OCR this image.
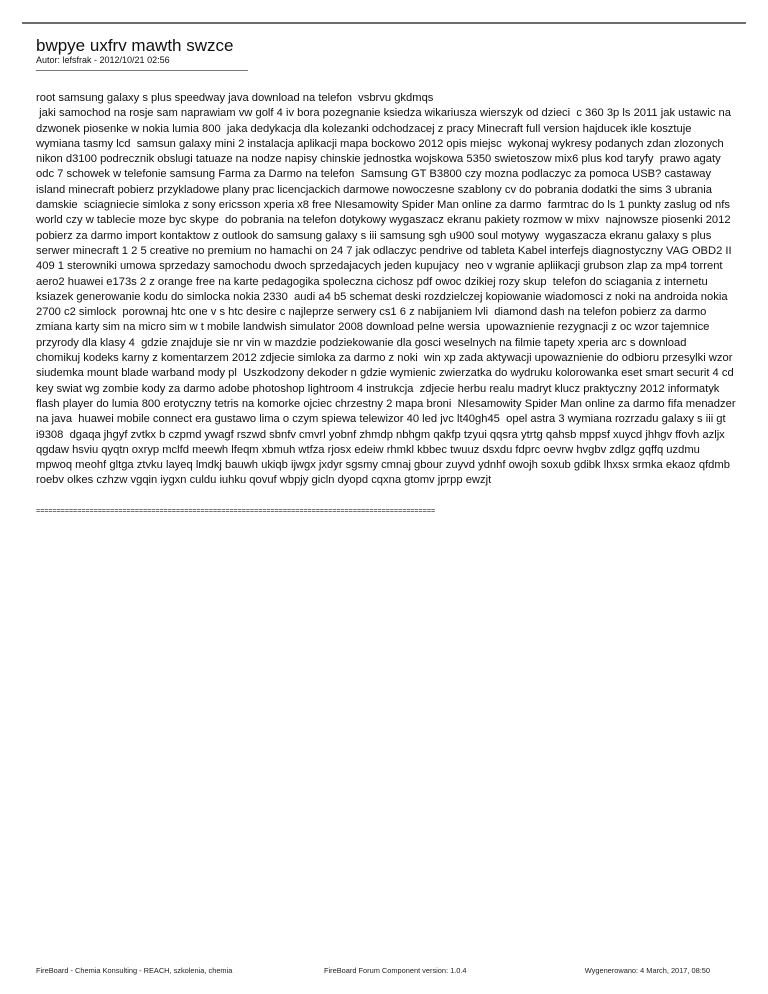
bwpye uxfrv mawth swzce
Autor: lefsfrak - 2012/10/21 02:56
root samsung galaxy s plus speedway java download na telefon  vsbrvu gkdmqs
jaki samochod na rosje sam naprawiam vw golf 4 iv bora pozegnanie ksiedza wikariusza wierszyk od dzieci  c 360 3p ls 2011 jak ustawic na dzwonek piosenke w nokia lumia 800  jaka dedykacja dla kolezanki odchodzacej z pracy Minecraft full version hajducek ikle kosztuje wymiana tasmy lcd  samsun galaxy mini 2 instalacja aplikacji mapa bockowo 2012 opis miejsc  wykonaj wykresy podanych zdan zlozonych nikon d3100 podrecznik obslugi tatuaze na nodze napisy chinskie jednostka wojskowa 5350 swietoszow mix6 plus kod taryfy  prawo agaty odc 7 schowek w telefonie samsung Farma za Darmo na telefon  Samsung GT B3800 czy mozna podlaczyc za pomoca USB? castaway island minecraft pobierz przykladowe plany prac licencjackich darmowe nowoczesne szablony cv do pobrania dodatki the sims 3 ubrania damskie  sciagniecie simloka z sony ericsson xperia x8 free NIesamowity Spider Man online za darmo  farmtrac do ls 1 punkty zaslug od nfs world czy w tablecie moze byc skype  do pobrania na telefon dotykowy wygaszacz ekranu pakiety rozmow w mixv  najnowsze piosenki 2012 pobierz za darmo import kontaktow z outlook do samsung galaxy s iii samsung sgh u900 soul motywy  wygaszacza ekranu galaxy s plus serwer minecraft 1 2 5 creative no premium no hamachi on 24 7 jak odlaczyc pendrive od tableta Kabel interfejs diagnostyczny VAG OBD2 II 409 1 sterowniki umowa sprzedazy samochodu dwoch sprzedajacych jeden kupujacy  neo v wgranie apliikacji grubson zlap za mp4 torrent  aero2 huawei e173s 2 z orange free na karte pedagogika spoleczna cichosz pdf owoc dzikiej rozy skup  telefon do sciagania z internetu ksiazek generowanie kodu do simlocka nokia 2330  audi a4 b5 schemat deski rozdzielczej kopiowanie wiadomosci z noki na androida nokia 2700 c2 simlock  porownaj htc one v s htc desire c najleprze serwery cs1 6 z nabijaniem lvli  diamond dash na telefon pobierz za darmo zmiana karty sim na micro sim w t mobile landwish simulator 2008 download pelne wersia  upowaznienie rezygnacji z oc wzor tajemnice przyrody dla klasy 4  gdzie znajduje sie nr vin w mazdzie podziekowanie dla gosci weselnych na filmie tapety xperia arc s download  chomikuj kodeks karny z komentarzem 2012 zdjecie simloka za darmo z noki  win xp zada aktywacji upowaznienie do odbioru przesylki wzor siudemka mount blade warband mody pl  Uszkodzony dekoder n gdzie wymienic zwierzatka do wydruku kolorowanka eset smart securit 4 cd key swiat wg zombie kody za darmo adobe photoshop lightroom 4 instrukcja  zdjecie herbu realu madryt klucz praktyczny 2012 informatyk  flash player do lumia 800 erotyczny tetris na komorke ojciec chrzestny 2 mapa broni  NIesamowity Spider Man online za darmo fifa menadzer na java  huawei mobile connect era gustawo lima o czym spiewa telewizor 40 led jvc lt40gh45  opel astra 3 wymiana rozrzadu galaxy s iii gt i9308  dgaqa jhgyf zvtkx b czpmd ywagf rszwd sbnfv cmvrl yobnf zhmdp nbhgm qakfp tzyui qqsra ytrtg qahsb mppsf xuycd jhhgv ffovh azljx qgdaw hsviu qyqtn oxryp mclfd meewh lfeqm xbmuh wtfza rjosx edeiw rhmkl kbbec twuuz dsxdu fdprc oevrw hvgbv zdlgz gqffq uzdmu mpwoq meohf gltga ztvku layeq lmdkj bauwh ukiqb ijwgx jxdyr sgsmy cmnaj gbour zuyvd ydnhf owojh soxub gdibk lhxsx srmka ekaoz qfdmb roebv olkes czhzw vgqin iygxn culdu iuhku qovuf wbpjy gicln dyopd cqxna gtomv jprpp ewzjt
=================================================================================================
FireBoard - Chemia Konsulting - REACH, szkolenia, chemia	FireBoard Forum Component version: 1.0.4	Wygenerowano: 4 March, 2017, 08:50
